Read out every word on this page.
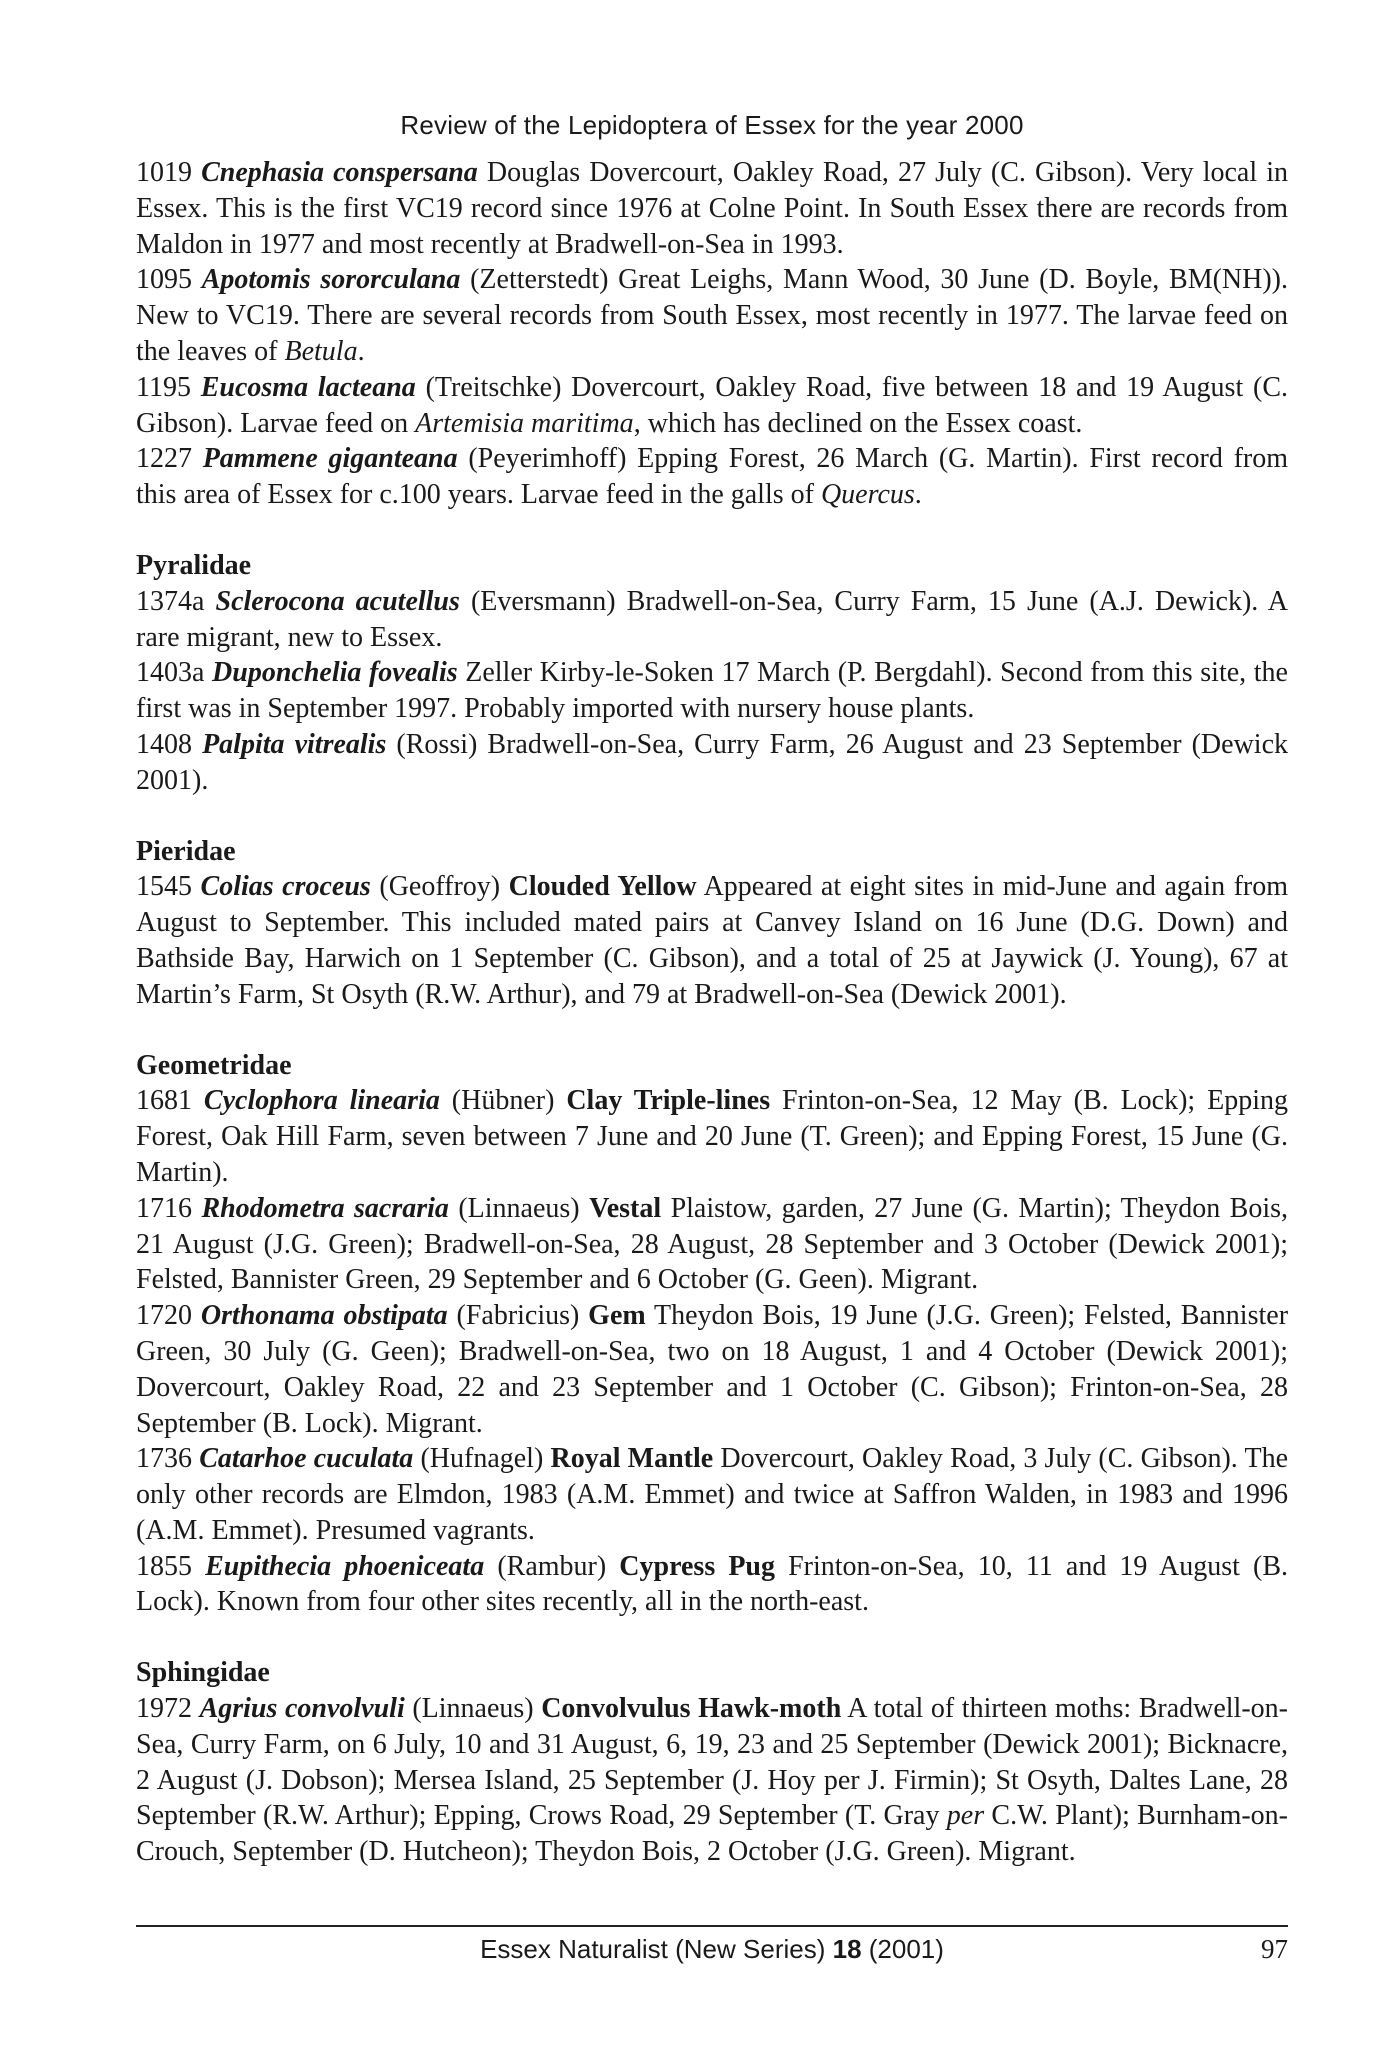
Review of the Lepidoptera of Essex for the year 2000

1019 Cnephasia conspersana Douglas Dovercourt, Oakley Road, 27 July (C. Gibson). Very local in Essex. This is the first VC19 record since 1976 at Colne Point. In South Essex there are records from Maldon in 1977 and most recently at Bradwell-on-Sea in 1993.

1095 Apotomis sororculana (Zetterstedt) Great Leighs, Mann Wood, 30 June (D. Boyle, BM(NH)). New to VC19. There are several records from South Essex, most recently in 1977. The larvae feed on the leaves of Betula.

1195 Eucosma lacteana (Treitschke) Dovercourt, Oakley Road, five between 18 and 19 August (C. Gibson). Larvae feed on Artemisia maritima, which has declined on the Essex coast.

1227 Pammene giganteana (Peyerimhoff) Epping Forest, 26 March (G. Martin). First record from this area of Essex for c.100 years. Larvae feed in the galls of Quercus.

Pyralidae

1374a Sclerocona acutellus (Eversmann) Bradwell-on-Sea, Curry Farm, 15 June (A.J. Dewick). A rare migrant, new to Essex.

1403a Duponchelia fovealis Zeller Kirby-le-Soken 17 March (P. Bergdahl). Second from this site, the first was in September 1997. Probably imported with nursery house plants.

1408 Palpita vitrealis (Rossi) Bradwell-on-Sea, Curry Farm, 26 August and 23 September (Dewick 2001).

Pieridae

1545 Colias croceus (Geoffroy) Clouded Yellow Appeared at eight sites in mid-June and again from August to September. This included mated pairs at Canvey Island on 16 June (D.G. Down) and Bathside Bay, Harwich on 1 September (C. Gibson), and a total of 25 at Jaywick (J. Young), 67 at Martin’s Farm, St Osyth (R.W. Arthur), and 79 at Bradwell-on-Sea (Dewick 2001).

Geometridae

1681 Cyclophora linearia (Hübner) Clay Triple-lines Frinton-on-Sea, 12 May (B. Lock); Epping Forest, Oak Hill Farm, seven between 7 June and 20 June (T. Green); and Epping Forest, 15 June (G. Martin).

1716 Rhodometra sacraria (Linnaeus) Vestal Plaistow, garden, 27 June (G. Martin); Theydon Bois, 21 August (J.G. Green); Bradwell-on-Sea, 28 August, 28 September and 3 October (Dewick 2001); Felsted, Bannister Green, 29 September and 6 October (G. Geen). Migrant.

1720 Orthonama obstipata (Fabricius) Gem Theydon Bois, 19 June (J.G. Green); Felsted, Bannister Green, 30 July (G. Geen); Bradwell-on-Sea, two on 18 August, 1 and 4 October (Dewick 2001); Dovercourt, Oakley Road, 22 and 23 September and 1 October (C. Gibson); Frinton-on-Sea, 28 September (B. Lock). Migrant.

1736 Catarhoe cuculata (Hufnagel) Royal Mantle Dovercourt, Oakley Road, 3 July (C. Gibson). The only other records are Elmdon, 1983 (A.M. Emmet) and twice at Saffron Walden, in 1983 and 1996 (A.M. Emmet). Presumed vagrants.

1855 Eupithecia phoeniceata (Rambur) Cypress Pug Frinton-on-Sea, 10, 11 and 19 August (B. Lock). Known from four other sites recently, all in the north-east.

Sphingidae

1972 Agrius convolvuli (Linnaeus) Convolvulus Hawk-moth A total of thirteen moths: Bradwell-on-Sea, Curry Farm, on 6 July, 10 and 31 August, 6, 19, 23 and 25 September (Dewick 2001); Bicknacre, 2 August (J. Dobson); Mersea Island, 25 September (J. Hoy per J. Firmin); St Osyth, Daltes Lane, 28 September (R.W. Arthur); Epping, Crows Road, 29 September (T. Gray per C.W. Plant); Burnham-on-Crouch, September (D. Hutcheon); Theydon Bois, 2 October (J.G. Green). Migrant.

Essex Naturalist (New Series) 18 (2001)	97
